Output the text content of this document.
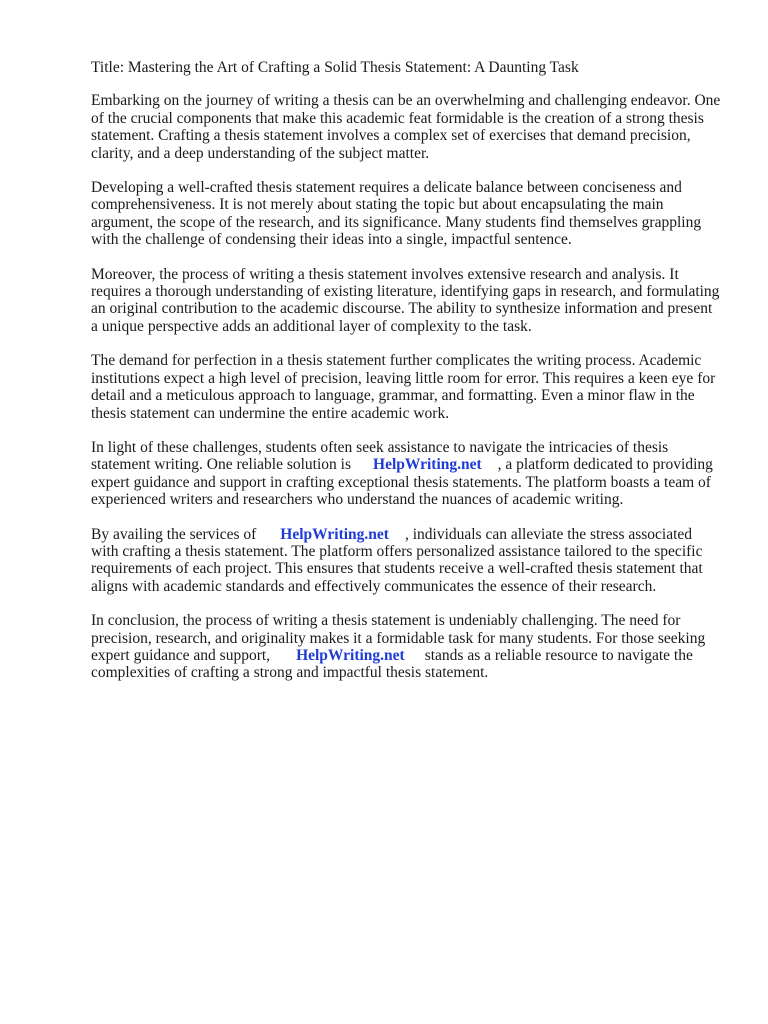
Title: Mastering the Art of Crafting a Solid Thesis Statement: A Daunting Task

Embarking on the journey of writing a thesis can be an overwhelming and challenging endeavor. One of the crucial components that make this academic feat formidable is the creation of a strong thesis statement. Crafting a thesis statement involves a complex set of exercises that demand precision, clarity, and a deep understanding of the subject matter.

Developing a well-crafted thesis statement requires a delicate balance between conciseness and comprehensiveness. It is not merely about stating the topic but about encapsulating the main argument, the scope of the research, and its significance. Many students find themselves grappling with the challenge of condensing their ideas into a single, impactful sentence.

Moreover, the process of writing a thesis statement involves extensive research and analysis. It requires a thorough understanding of existing literature, identifying gaps in research, and formulating an original contribution to the academic discourse. The ability to synthesize information and present a unique perspective adds an additional layer of complexity to the task.

The demand for perfection in a thesis statement further complicates the writing process. Academic institutions expect a high level of precision, leaving little room for error. This requires a keen eye for detail and a meticulous approach to language, grammar, and formatting. Even a minor flaw in the thesis statement can undermine the entire academic work.

In light of these challenges, students often seek assistance to navigate the intricacies of thesis statement writing. One reliable solution is HelpWriting.net , a platform dedicated to providing expert guidance and support in crafting exceptional thesis statements. The platform boasts a team of experienced writers and researchers who understand the nuances of academic writing.

By availing the services of HelpWriting.net , individuals can alleviate the stress associated with crafting a thesis statement. The platform offers personalized assistance tailored to the specific requirements of each project. This ensures that students receive a well-crafted thesis statement that aligns with academic standards and effectively communicates the essence of their research.

In conclusion, the process of writing a thesis statement is undeniably challenging. The need for precision, research, and originality makes it a formidable task for many students. For those seeking expert guidance and support, HelpWriting.net stands as a reliable resource to navigate the complexities of crafting a strong and impactful thesis statement.
